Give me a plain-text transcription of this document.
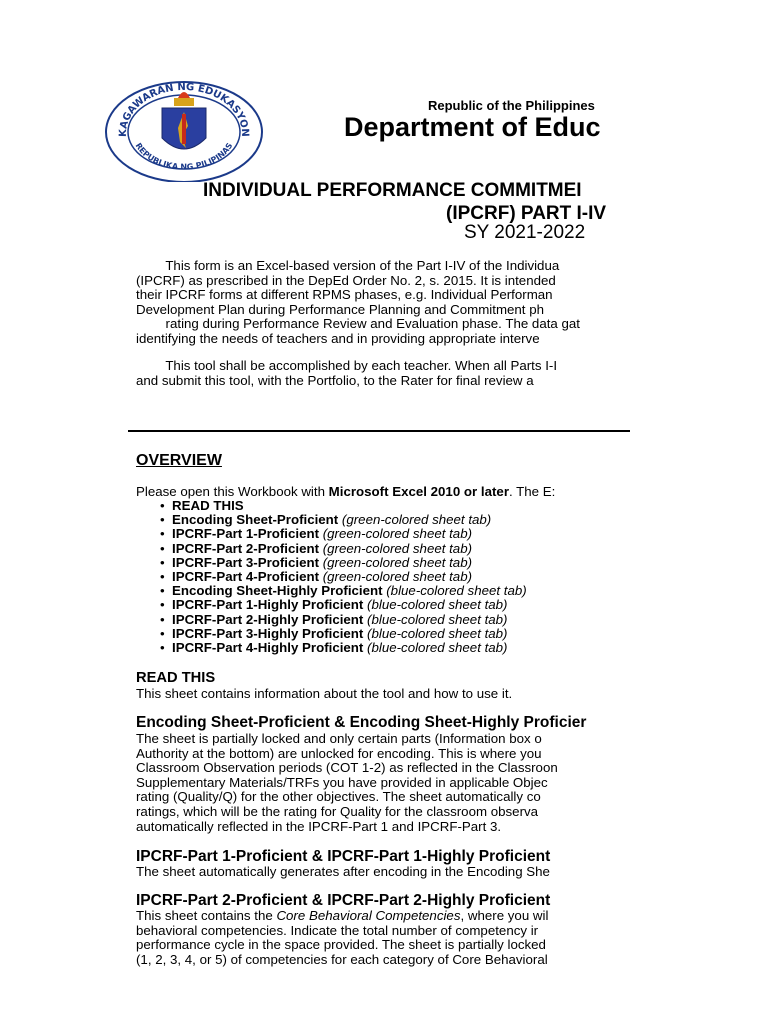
KAGAWARAN NG EDUKASYON
REPUBLIKA NG PILIPINAS
Republic of the Philippines
Department of Educ
INDIVIDUAL PERFORMANCE COMMITMEI
(IPCRF) PART I-IV
SY 2021-2022
This form is an Excel-based version of the Part I-IV of the Individua
(IPCRF) as prescribed in the DepEd Order No. 2, s. 2015. It is intended
their IPCRF forms at different RPMS phases, e.g. Individual Performan
Development Plan during Performance Planning and Commitment ph
rating during Performance Review and Evaluation phase. The data gat
identifying the needs of teachers and in providing appropriate interve
This tool shall be accomplished by each teacher. When all Parts I-I
and submit this tool, with the Portfolio, to the Rater for final review a
OVERVIEW
Please open this Workbook with Microsoft Excel 2010 or later. The E:
• READ THIS
• Encoding Sheet-Proficient (green-colored sheet tab)
• IPCRF-Part 1-Proficient (green-colored sheet tab)
• IPCRF-Part 2-Proficient (green-colored sheet tab)
• IPCRF-Part 3-Proficient (green-colored sheet tab)
• IPCRF-Part 4-Proficient (green-colored sheet tab)
• Encoding Sheet-Highly Proficient (blue-colored sheet tab)
• IPCRF-Part 1-Highly Proficient (blue-colored sheet tab)
• IPCRF-Part 2-Highly Proficient (blue-colored sheet tab)
• IPCRF-Part 3-Highly Proficient (blue-colored sheet tab)
• IPCRF-Part 4-Highly Proficient (blue-colored sheet tab)
READ THIS
This sheet contains information about the tool and how to use it.
Encoding Sheet-Proficient & Encoding Sheet-Highly Proficier
The sheet is partially locked and only certain parts (Information box o
Authority at the bottom) are unlocked for encoding. This is where you
Classroom Observation periods (COT 1-2) as reflected in the Classroon
Supplementary Materials/TRFs you have provided in applicable Objec
rating (Quality/Q) for the other objectives. The sheet automatically co
ratings, which will be the rating for Quality for the classroom observa
automatically reflected in the IPCRF-Part 1 and IPCRF-Part 3.
IPCRF-Part 1-Proficient & IPCRF-Part 1-Highly Proficient
The sheet automatically generates after encoding in the Encoding She
IPCRF-Part 2-Proficient & IPCRF-Part 2-Highly Proficient
This sheet contains the Core Behavioral Competencies, where you wil
behavioral competencies. Indicate the total number of competency ir
performance cycle in the space provided. The sheet is partially locked
(1, 2, 3, 4, or 5) of competencies for each category of Core Behavioral
